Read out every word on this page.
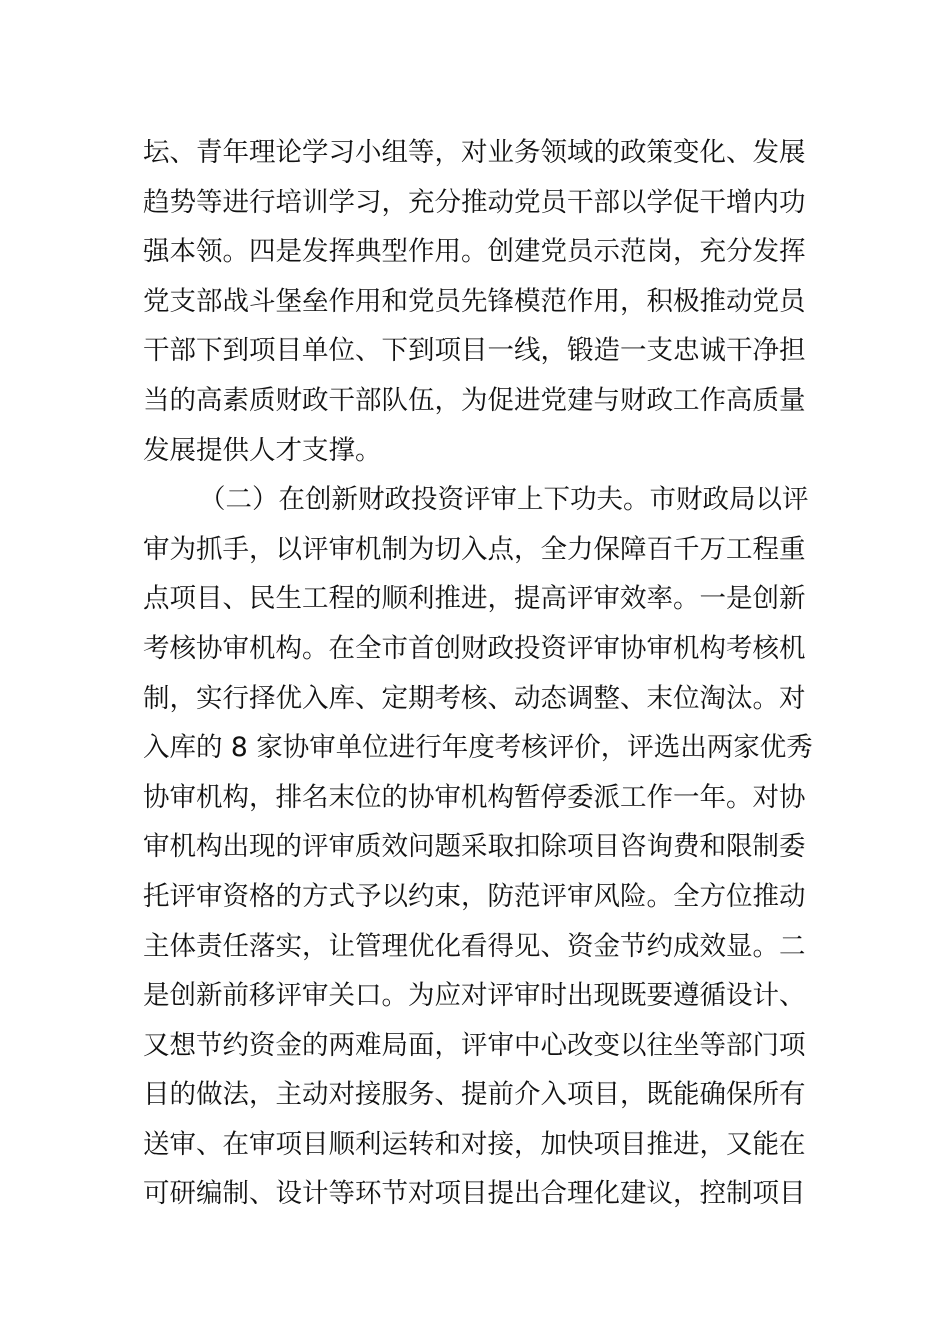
坛、青年理论学习小组等，对业务领域的政策变化、发展
趋势等进行培训学习，充分推动党员干部以学促干增内功
强本领。四是发挥典型作用。创建党员示范岗，充分发挥
党支部战斗堡垒作用和党员先锋模范作用，积极推动党员
干部下到项目单位、下到项目一线，锻造一支忠诚干净担
当的高素质财政干部队伍，为促进党建与财政工作高质量
发展提供人才支撑。
（二）在创新财政投资评审上下功夫。市财政局以评
审为抓手，以评审机制为切入点，全力保障百千万工程重
点项目、民生工程的顺利推进，提高评审效率。一是创新
考核协审机构。在全市首创财政投资评审协审机构考核机
制，实行择优入库、定期考核、动态调整、末位淘汰。对
入库的 8 家协审单位进行年度考核评价，评选出两家优秀
协审机构，排名末位的协审机构暂停委派工作一年。对协
审机构出现的评审质效问题采取扣除项目咨询费和限制委
托评审资格的方式予以约束，防范评审风险。全方位推动
主体责任落实，让管理优化看得见、资金节约成效显。二
是创新前移评审关口。为应对评审时出现既要遵循设计、
又想节约资金的两难局面，评审中心改变以往坐等部门项
目的做法，主动对接服务、提前介入项目，既能确保所有
送审、在审项目顺利运转和对接，加快项目推进，又能在
可研编制、设计等环节对项目提出合理化建议，控制项目
